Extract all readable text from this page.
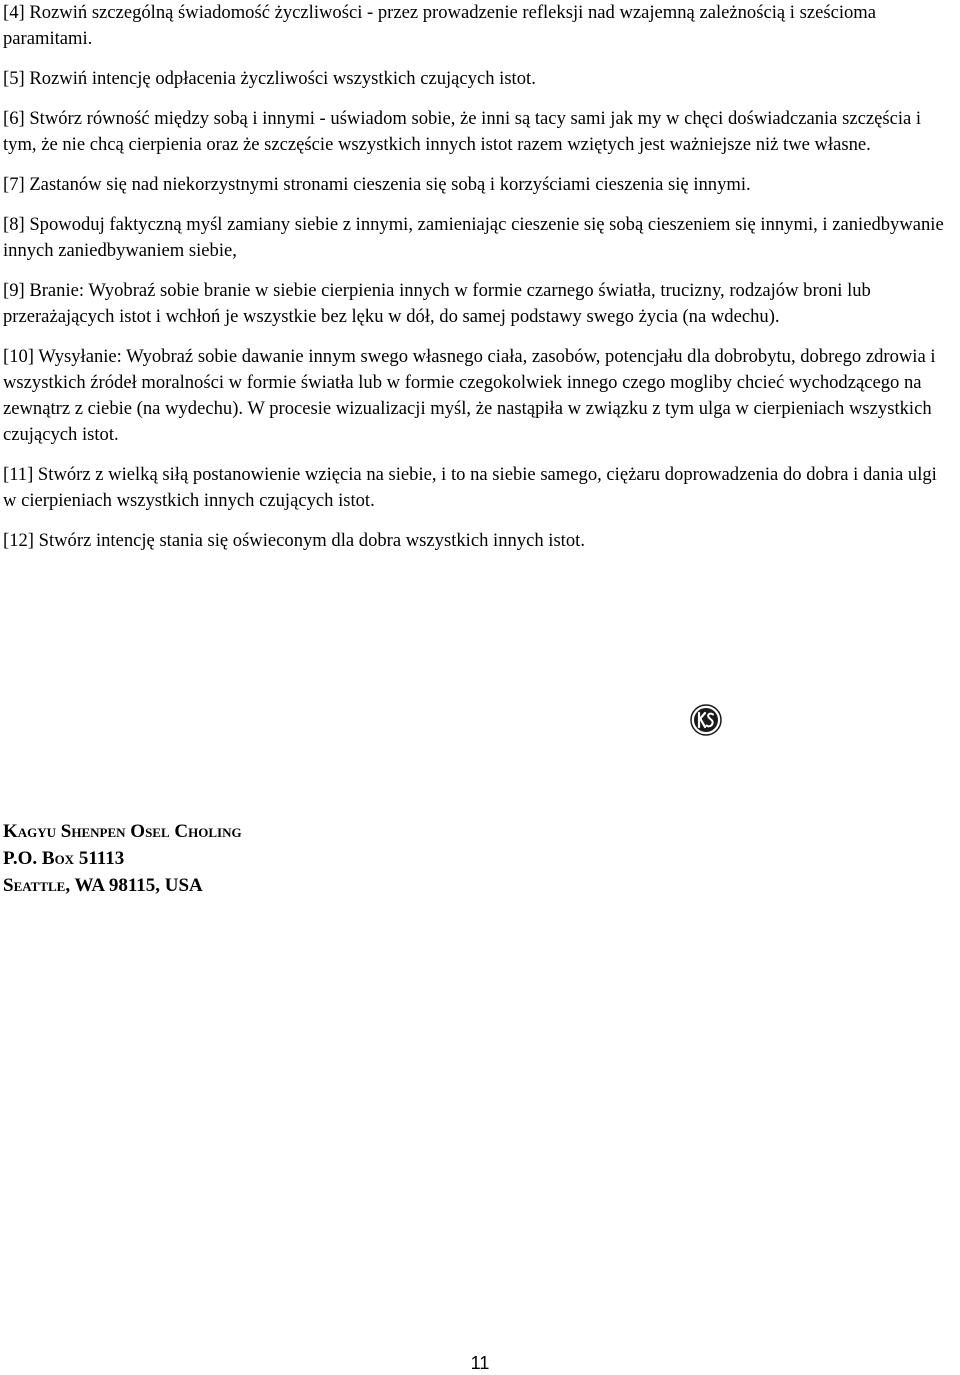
[4] Rozwiń szczególną świadomość życzliwości - przez prowadzenie refleksji nad wzajemną zależnością i sześcioma paramitami.

[5] Rozwiń intencję odpłacenia życzliwości wszystkich czujących istot.

[6] Stwórz równość między sobą i innymi - uświadom sobie, że inni są tacy sami jak my w chęci doświadczania szczęścia i tym, że nie chcą cierpienia oraz że szczęście wszystkich innych istot razem wziętych jest ważniejsze niż twe własne.

[7] Zastanów się nad niekorzystnymi stronami cieszenia się sobą i korzyściami cieszenia się innymi.

[8] Spowoduj faktyczną myśl zamiany siebie z innymi, zamieniając cieszenie się sobą cieszeniem się innymi, i zaniedbywanie innych zaniedbywaniem siebie,

[9] Branie: Wyobraź sobie branie w siebie cierpienia innych w formie czarnego światła, trucizny, rodzajów broni lub przerażających istot i wchłoń je wszystkie bez lęku w dół, do samej podstawy swego życia (na wdechu).

[10] Wysyłanie: Wyobraź sobie dawanie innym swego własnego ciała, zasobów, potencjału dla dobrobytu, dobrego zdrowia i wszystkich źródeł moralności w formie światła lub w formie czegokolwiek innego czego mogliby chcieć wychodzącego na zewnątrz z ciebie (na wydechu). W procesie wizualizacji myśl, że nastąpiła w związku z tym ulga w cierpieniach wszystkich czujących istot.

[11] Stwórz z wielką siłą postanowienie wzięcia na siebie, i to na siebie samego, ciężaru doprowadzenia do dobra i dania ulgi w cierpieniach wszystkich innych czujących istot.

[12] Stwórz intencję stania się oświeconym dla dobra wszystkich innych istot.

Kagyu Shenpen Osel Choling
P.O. Box 51113
Seattle, WA 98115, USA
11
